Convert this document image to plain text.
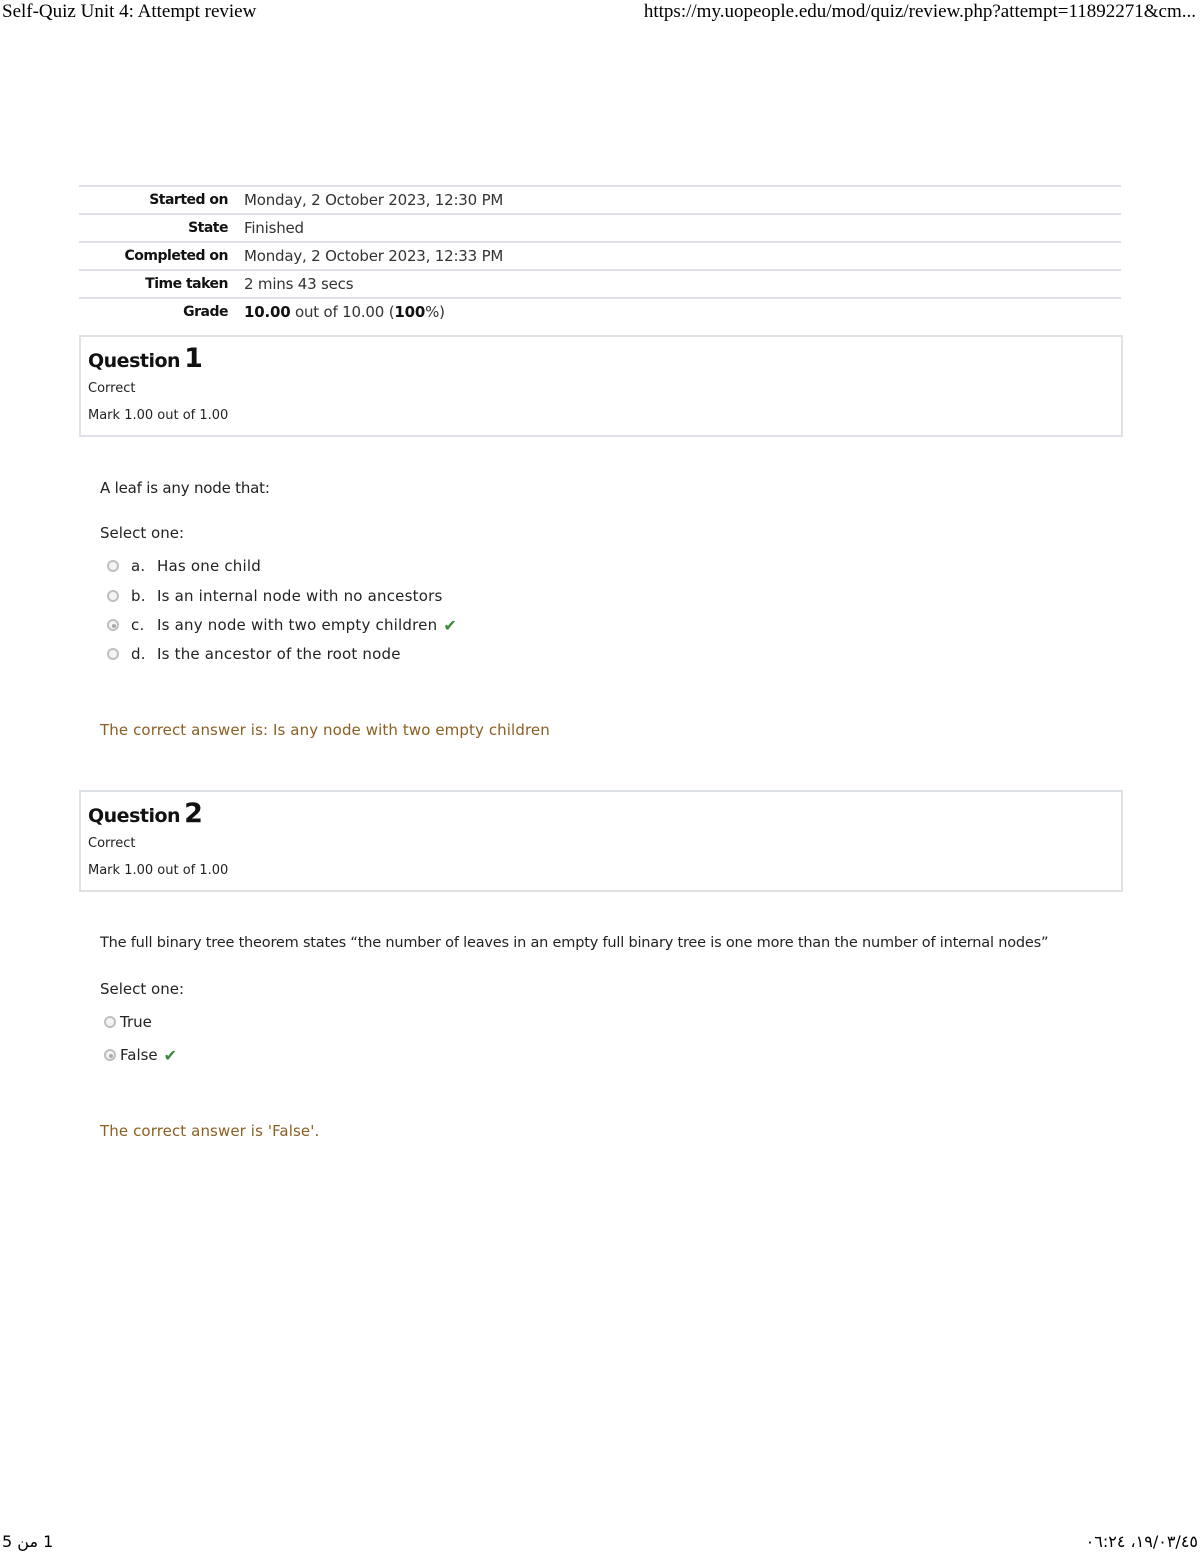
Self-Quiz Unit 4: Attempt review	https://my.uopeople.edu/mod/quiz/review.php?attempt=11892271&cm...
Started on	Monday, 2 October 2023, 12:30 PM
State	Finished
Completed on	Monday, 2 October 2023, 12:33 PM
Time taken	2 mins 43 secs
Grade	10.00 out of 10.00 (100%)
Question 1
Correct
Mark 1.00 out of 1.00
A leaf is any node that:
Select one:
a. Has one child
b. Is an internal node with no ancestors
c. Is any node with two empty children ✔
d. Is the ancestor of the root node
The correct answer is: Is any node with two empty children
Question 2
Correct
Mark 1.00 out of 1.00
The full binary tree theorem states “the number of leaves in an empty full binary tree is one more than the number of internal nodes”
Select one:
True
False ✔
The correct answer is 'False'.
1 من 5	١٩/٠٣/٤٥، ٠٦:٢٤
